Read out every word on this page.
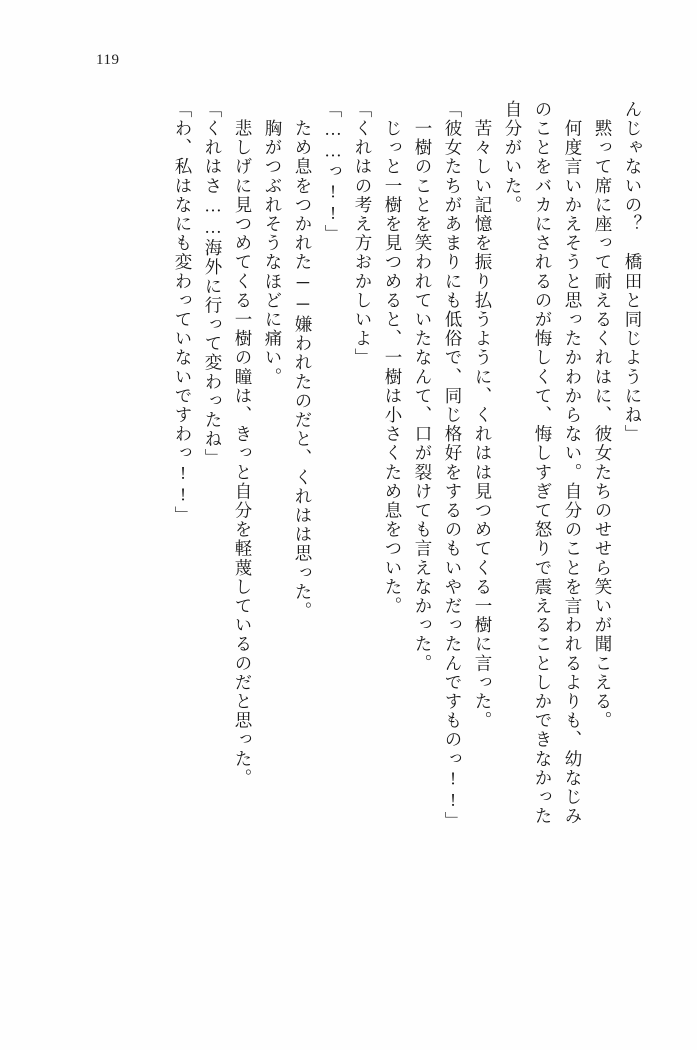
119
んじゃないの？　橋田と同じようにね」
　黙って席に座って耐えるくれはに、彼女たちのせせら笑いが聞こえる。
　何度言いかえそうと思ったかわからない。自分のことを言われるよりも、幼なじみ
のことをバカにされるのが悔しくて、悔しすぎて怒りで震えることしかできなかった
自分がいた。
　苦々しい記憶を振り払うように、くれはは見つめてくる一樹に言った。
「彼女たちがあまりにも低俗で、同じ格好をするのもいやだったんですものっ!!」
　一樹のことを笑われていたなんて、口が裂けても言えなかった。
　じっと一樹を見つめると、一樹は小さくため息をついた。
「くれはの考え方おかしいよ」
「……っ!!」
　ため息をつかれた──嫌われたのだと、くれはは思った。
　胸がつぶれそうなほどに痛い。
　悲しげに見つめてくる一樹の瞳は、きっと自分を軽蔑しているのだと思った。
「くれはさ……海外に行って変わったね」
「わ、私はなにも変わっていないですわっ!!」
